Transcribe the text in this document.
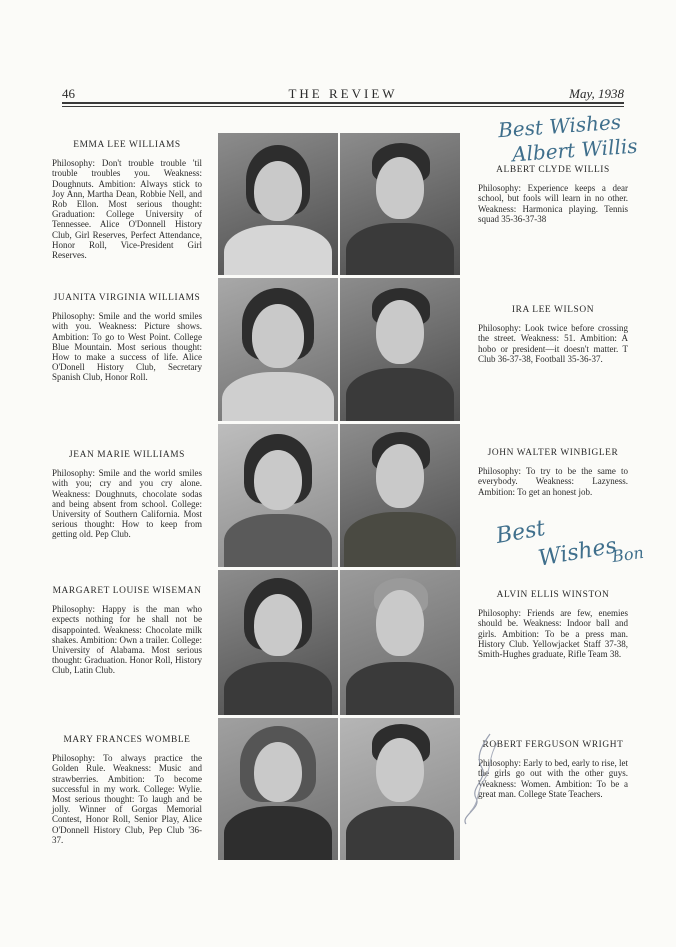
46	THE REVIEW	May, 1938
EMMA LEE WILLIAMS
Philosophy: Don't trouble trouble 'til trouble troubles you. Weakness: Doughnuts. Ambition: Always stick to Joy Ann, Martha Dean, Robbie Nell, and Rob Ellon. Most serious thought: Graduation: College University of Tennessee. Alice O'Donnell History Club, Girl Reserves, Perfect Attendance, Honor Roll, Vice-President Girl Reserves.
JUANITA VIRGINIA WILLIAMS
Philosophy: Smile and the world smiles with you. Weakness: Picture shows. Ambition: To go to West Point. College Blue Mountain. Most serious thought: How to make a success of life. Alice O'Donell History Club, Secretary Spanish Club, Honor Roll.
JEAN MARIE WILLIAMS
Philosophy: Smile and the world smiles with you; cry and you cry alone. Weakness: Doughnuts, chocolate sodas and being absent from school. College: University of Southern California. Most serious thought: How to keep from getting old. Pep Club.
MARGARET LOUISE WISEMAN
Philosophy: Happy is the man who expects nothing for he shall not be disappointed. Weakness: Chocolate milk shakes. Ambition: Own a trailer. College: University of Alabama. Most serious thought: Graduation. Honor Roll, History Club, Latin Club.
MARY FRANCES WOMBLE
Philosophy: To always practice the Golden Rule. Weakness: Music and strawberries. Ambition: To become successful in my work. College: Wylie. Most serious thought: To laugh and be jolly. Winner of Gorgas Memorial Contest, Honor Roll, Senior Play, Alice O'Donnell History Club, Pep Club '36-37.
ALBERT CLYDE WILLIS
Philosophy: Experience keeps a dear school, but fools will learn in no other. Weakness: Harmonica playing. Tennis squad 35-36-37-38
IRA LEE WILSON
Philosophy: Look twice before crossing the street. Weakness: 51. Ambition: A hobo or president—it doesn't matter. T Club 36-37-38, Football 35-36-37.
JOHN WALTER WINBIGLER
Philosophy: To try to be the same to everybody. Weakness: Lazyness. Ambition: To get an honest job.
ALVIN ELLIS WINSTON
Philosophy: Friends are few, enemies should be. Weakness: Indoor ball and girls. Ambition: To be a press man. History Club. Yellowjacket Staff 37-38, Smith-Hughes graduate, Rifle Team 38.
ROBERT FERGUSON WRIGHT
Philosophy: Early to bed, early to rise, let the girls go out with the other guys. Weakness: Women. Ambition: To be a great man. College State Teachers.
Best Wishes
Albert Willis
Best
Wishes
Bon
